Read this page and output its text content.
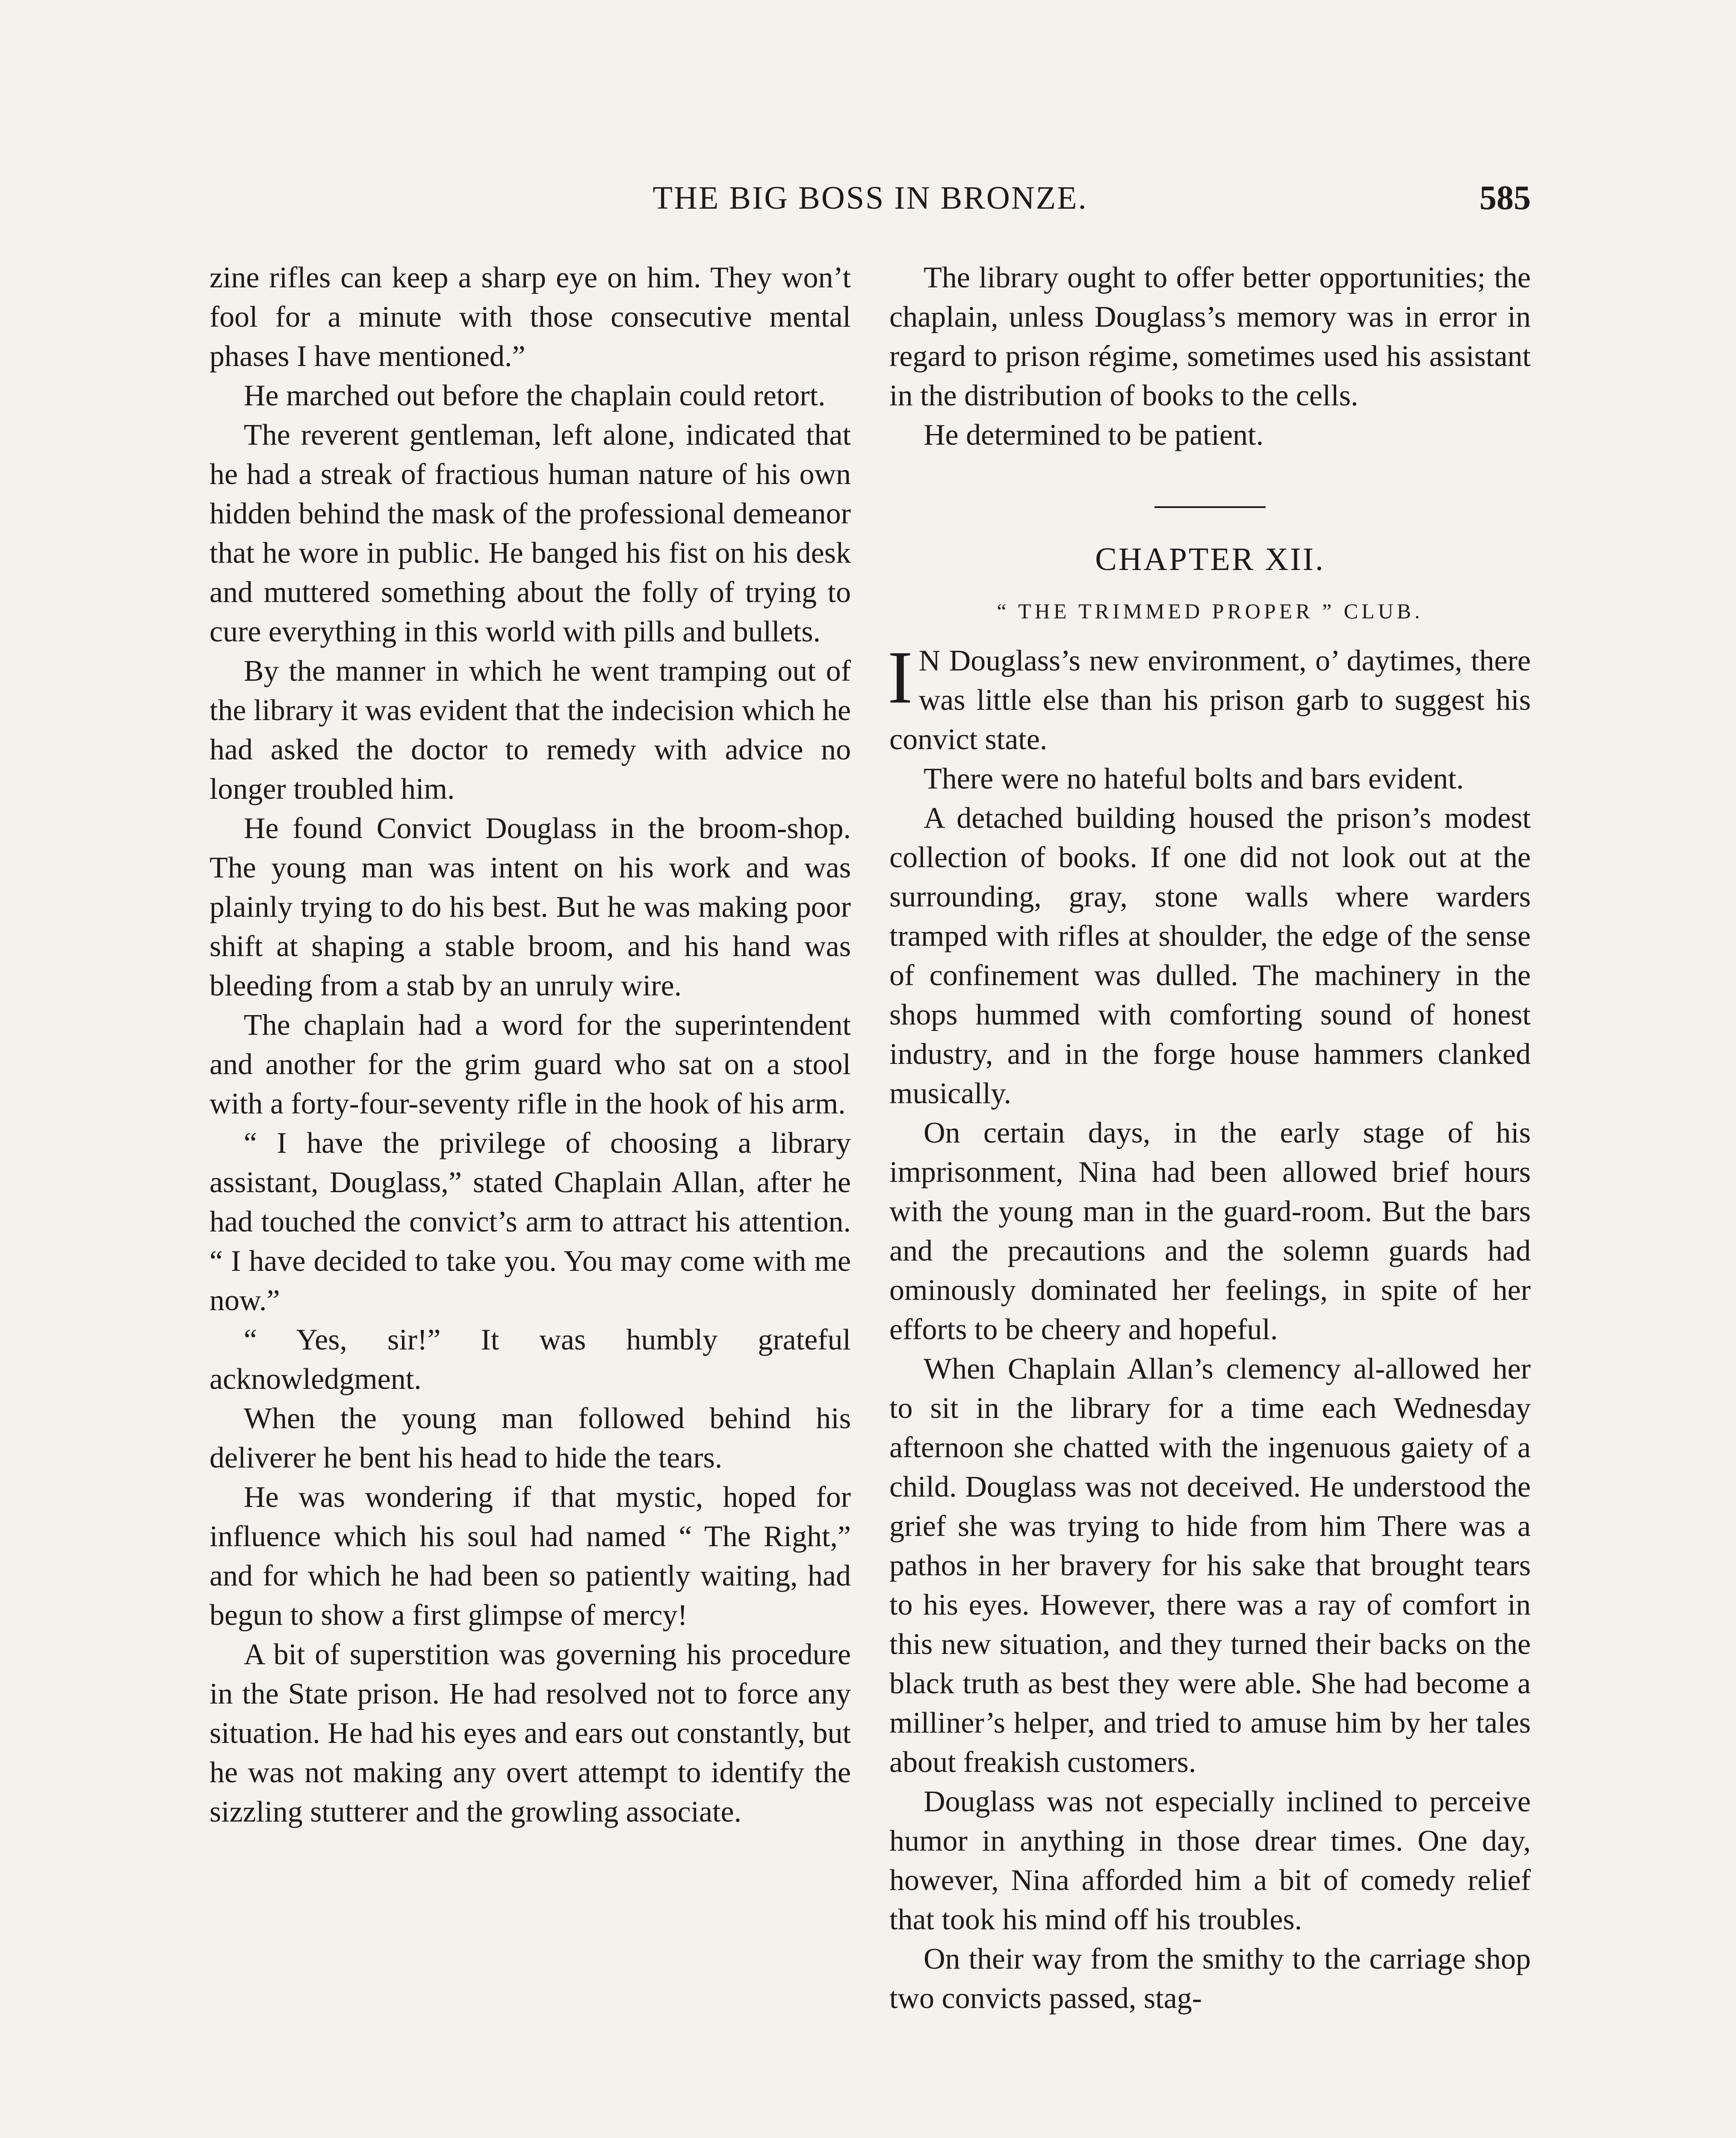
THE BIG BOSS IN BRONZE.	585

zine rifles can keep a sharp eye on him. They won’t fool for a minute with those consecutive mental phases I have mentioned.”

He marched out before the chaplain could retort.

The reverent gentleman, left alone, indicated that he had a streak of fractious human nature of his own hidden behind the mask of the professional demeanor that he wore in public. He banged his fist on his desk and muttered something about the folly of trying to cure everything in this world with pills and bullets.

By the manner in which he went tramping out of the library it was evident that the indecision which he had asked the doctor to remedy with advice no longer troubled him.

He found Convict Douglass in the broom-shop. The young man was intent on his work and was plainly trying to do his best. But he was making poor shift at shaping a stable broom, and his hand was bleeding from a stab by an unruly wire.

The chaplain had a word for the superintendent and another for the grim guard who sat on a stool with a forty-four-seventy rifle in the hook of his arm.

“ I have the privilege of choosing a library assistant, Douglass,” stated Chaplain Allan, after he had touched the convict’s arm to attract his attention. “ I have decided to take you. You may come with me now.”

“ Yes, sir!” It was humbly grateful acknowledgment.

When the young man followed behind his deliverer he bent his head to hide the tears.

He was wondering if that mystic, hoped for influence which his soul had named “ The Right,” and for which he had been so patiently waiting, had begun to show a first glimpse of mercy!

A bit of superstition was governing his procedure in the State prison. He had resolved not to force any situation. He had his eyes and ears out constantly, but he was not making any overt attempt to identify the sizzling stutterer and the growling associate.

The library ought to offer better opportunities; the chaplain, unless Douglass’s memory was in error in regard to prison régime, sometimes used his assistant in the distribution of books to the cells.

He determined to be patient.

CHAPTER XII.
“ THE TRIMMED PROPER ” CLUB.

I N Douglass’s new environment, o’ daytimes, there was little else than his prison garb to suggest his convict state.

There were no hateful bolts and bars evident.

A detached building housed the prison’s modest collection of books. If one did not look out at the surrounding, gray, stone walls where warders tramped with rifles at shoulder, the edge of the sense of confinement was dulled. The machinery in the shops hummed with comforting sound of honest industry, and in the forge house hammers clanked musically.

On certain days, in the early stage of his imprisonment, Nina had been allowed brief hours with the young man in the guard-room. But the bars and the precautions and the solemn guards had ominously dominated her feelings, in spite of her efforts to be cheery and hopeful.

When Chaplain Allan’s clemency al-allowed her to sit in the library for a time each Wednesday afternoon she chatted with the ingenuous gaiety of a child. Douglass was not deceived. He understood the grief she was trying to hide from him There was a pathos in her bravery for his sake that brought tears to his eyes. However, there was a ray of comfort in this new situation, and they turned their backs on the black truth as best they were able. She had become a milliner’s helper, and tried to amuse him by her tales about freakish customers.

Douglass was not especially inclined to perceive humor in anything in those drear times. One day, however, Nina afforded him a bit of comedy relief that took his mind off his troubles.

On their way from the smithy to the carriage shop two convicts passed, stag-
